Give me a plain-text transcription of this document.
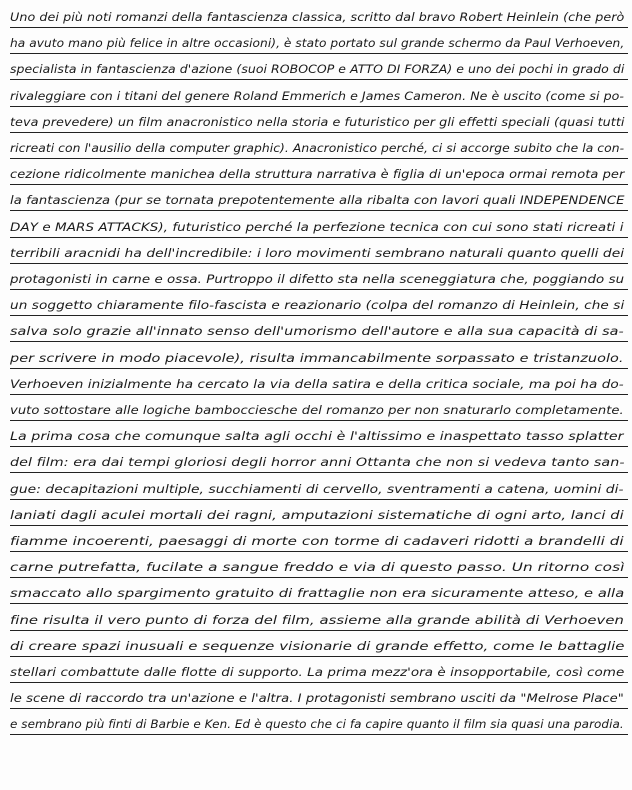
Uno dei più noti romanzi della fantascienza classica, scritto dal bravo Robert Heinlein (che però
ha avuto mano più felice in altre occasioni), è stato portato sul grande schermo da Paul Verhoeven,
specialista in fantascienza d'azione (suoi ROBOCOP e ATTO DI FORZA) e uno dei pochi in grado di
rivaleggiare con i titani del genere Roland Emmerich e James Cameron. Ne è uscito (come si po-
teva prevedere) un film anacronistico nella storia e futuristico per gli effetti speciali (quasi tutti
ricreati con l'ausilio della computer graphic). Anacronistico perché, ci si accorge subito che la con-
cezione ridicolmente manichea della struttura narrativa è figlia di un'epoca ormai remota per
la fantascienza (pur se tornata prepotentemente alla ribalta con lavori quali INDEPENDENCE
DAY e MARS ATTACKS), futuristico perché la perfezione tecnica con cui sono stati ricreati i
terribili aracnidi ha dell'incredibile: i loro movimenti sembrano naturali quanto quelli dei
protagonisti in carne e ossa. Purtroppo il difetto sta nella sceneggiatura che, poggiando su
un soggetto chiaramente filo-fascista e reazionario (colpa del romanzo di Heinlein, che si
salva solo grazie all'innato senso dell'umorismo dell'autore e alla sua capacità di sa-
per scrivere in modo piacevole), risulta immancabilmente sorpassato e tristanzuolo.
Verhoeven inizialmente ha cercato la via della satira e della critica sociale, ma poi ha do-
vuto sottostare alle logiche bambocciesche del romanzo per non snaturarlo completamente.
La prima cosa che comunque salta agli occhi è l'altissimo e inaspettato tasso splatter
del film: era dai tempi gloriosi degli horror anni Ottanta che non si vedeva tanto san-
gue: decapitazioni multiple, succhiamenti di cervello, sventramenti a catena, uomini di-
laniati dagli aculei mortali dei ragni, amputazioni sistematiche di ogni arto, lanci di
fiamme incoerenti, paesaggi di morte con torme di cadaveri ridotti a brandelli di
carne putrefatta, fucilate a sangue freddo e via di questo passo. Un ritorno così
smaccato allo spargimento gratuito di frattaglie non era sicuramente atteso, e alla
fine risulta il vero punto di forza del film, assieme alla grande abilità di Verhoeven
di creare spazi inusuali e sequenze visionarie di grande effetto, come le battaglie
stellari combattute dalle flotte di supporto. La prima mezz'ora è insopportabile, così come
le scene di raccordo tra un'azione e l'altra. I protagonisti sembrano usciti da "Melrose Place"
e sembrano più finti di Barbie e Ken. Ed è questo che ci fa capire quanto il film sia quasi una parodia.
